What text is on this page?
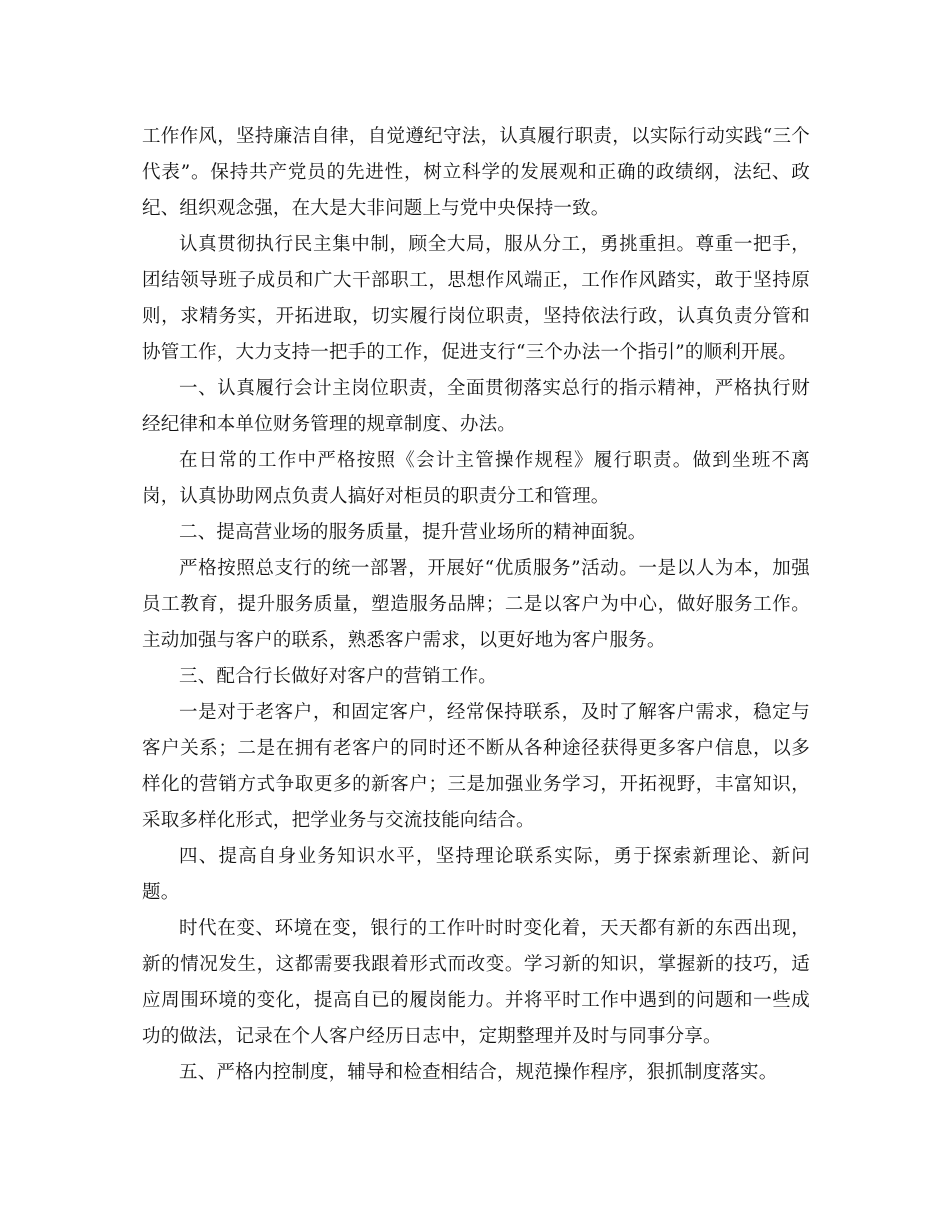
工作作风，坚持廉洁自律，自觉遵纪守法，认真履行职责，以实际行动实践“三个代表”。保持共产党员的先进性，树立科学的发展观和正确的政绩纲，法纪、政纪、组织观念强，在大是大非问题上与党中央保持一致。

认真贯彻执行民主集中制，顾全大局，服从分工，勇挑重担。尊重一把手，团结领导班子成员和广大干部职工，思想作风端正，工作作风踏实，敢于坚持原则，求精务实，开拓进取，切实履行岗位职责，坚持依法行政，认真负责分管和协管工作，大力支持一把手的工作，促进支行“三个办法一个指引”的顺利开展。

一、认真履行会计主岗位职责，全面贯彻落实总行的指示精神，严格执行财经纪律和本单位财务管理的规章制度、办法。

在日常的工作中严格按照《会计主管操作规程》履行职责。做到坐班不离岗，认真协助网点负责人搞好对柜员的职责分工和管理。

二、提高营业场的服务质量，提升营业场所的精神面貌。

严格按照总支行的统一部署，开展好“优质服务”活动。一是以人为本，加强员工教育，提升服务质量，塑造服务品牌；二是以客户为中心，做好服务工作。主动加强与客户的联系，熟悉客户需求，以更好地为客户服务。

三、配合行长做好对客户的营销工作。

一是对于老客户，和固定客户，经常保持联系，及时了解客户需求，稳定与客户关系；二是在拥有老客户的同时还不断从各种途径获得更多客户信息，以多样化的营销方式争取更多的新客户；三是加强业务学习，开拓视野，丰富知识，采取多样化形式，把学业务与交流技能向结合。

四、提高自身业务知识水平，坚持理论联系实际，勇于探索新理论、新问题。

时代在变、环境在变，银行的工作叶时时变化着，天天都有新的东西出现，新的情况发生，这都需要我跟着形式而改变。学习新的知识，掌握新的技巧，适应周围环境的变化，提高自已的履岗能力。并将平时工作中遇到的问题和一些成功的做法，记录在个人客户经历日志中，定期整理并及时与同事分享。

五、严格内控制度，辅导和检查相结合，规范操作程序，狠抓制度落实。
